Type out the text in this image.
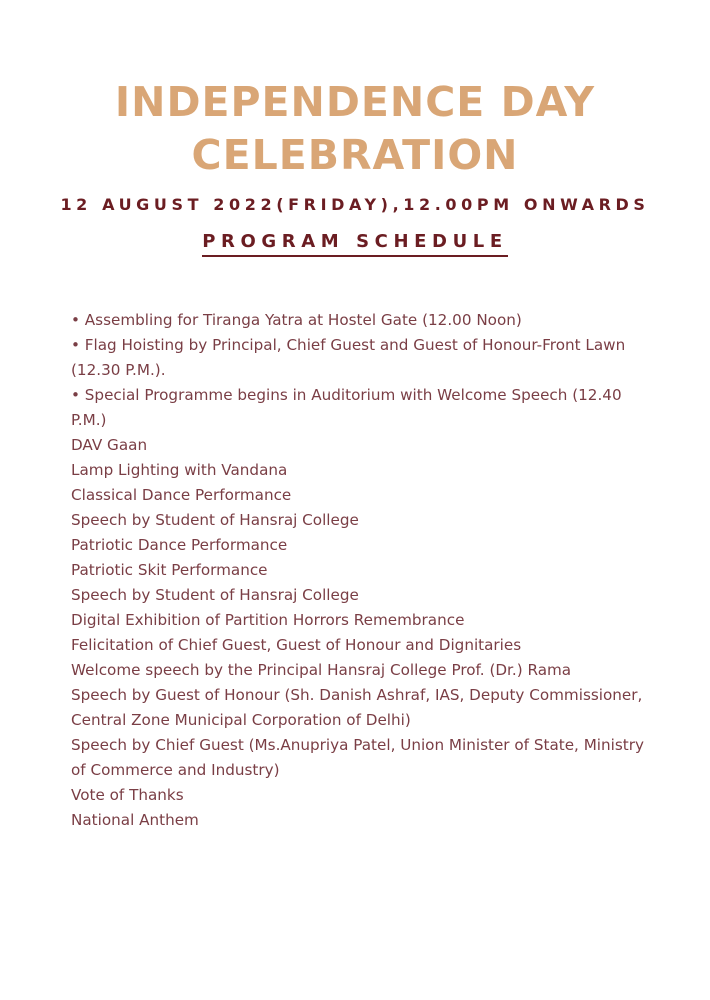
INDEPENDENCE DAY
CELEBRATION
12 AUGUST 2022(FRIDAY),12.00PM ONWARDS
PROGRAM SCHEDULE
• Assembling for Tiranga Yatra at Hostel Gate (12.00 Noon)
• Flag Hoisting by Principal, Chief Guest and Guest of Honour-Front Lawn (12.30 P.M.).
• Special Programme begins in Auditorium with Welcome Speech (12.40 P.M.)
DAV Gaan
Lamp Lighting with Vandana
Classical Dance Performance
Speech by Student of Hansraj College
Patriotic Dance Performance
Patriotic Skit Performance
Speech by Student of Hansraj College
Digital Exhibition of Partition Horrors Remembrance
Felicitation of Chief Guest, Guest of Honour and Dignitaries
Welcome speech by the Principal Hansraj College Prof. (Dr.) Rama
Speech by Guest of Honour (Sh. Danish Ashraf, IAS, Deputy Commissioner, Central Zone Municipal Corporation of Delhi)
Speech by Chief Guest (Ms.Anupriya Patel, Union Minister of State, Ministry of Commerce and Industry)
Vote of Thanks
National Anthem
